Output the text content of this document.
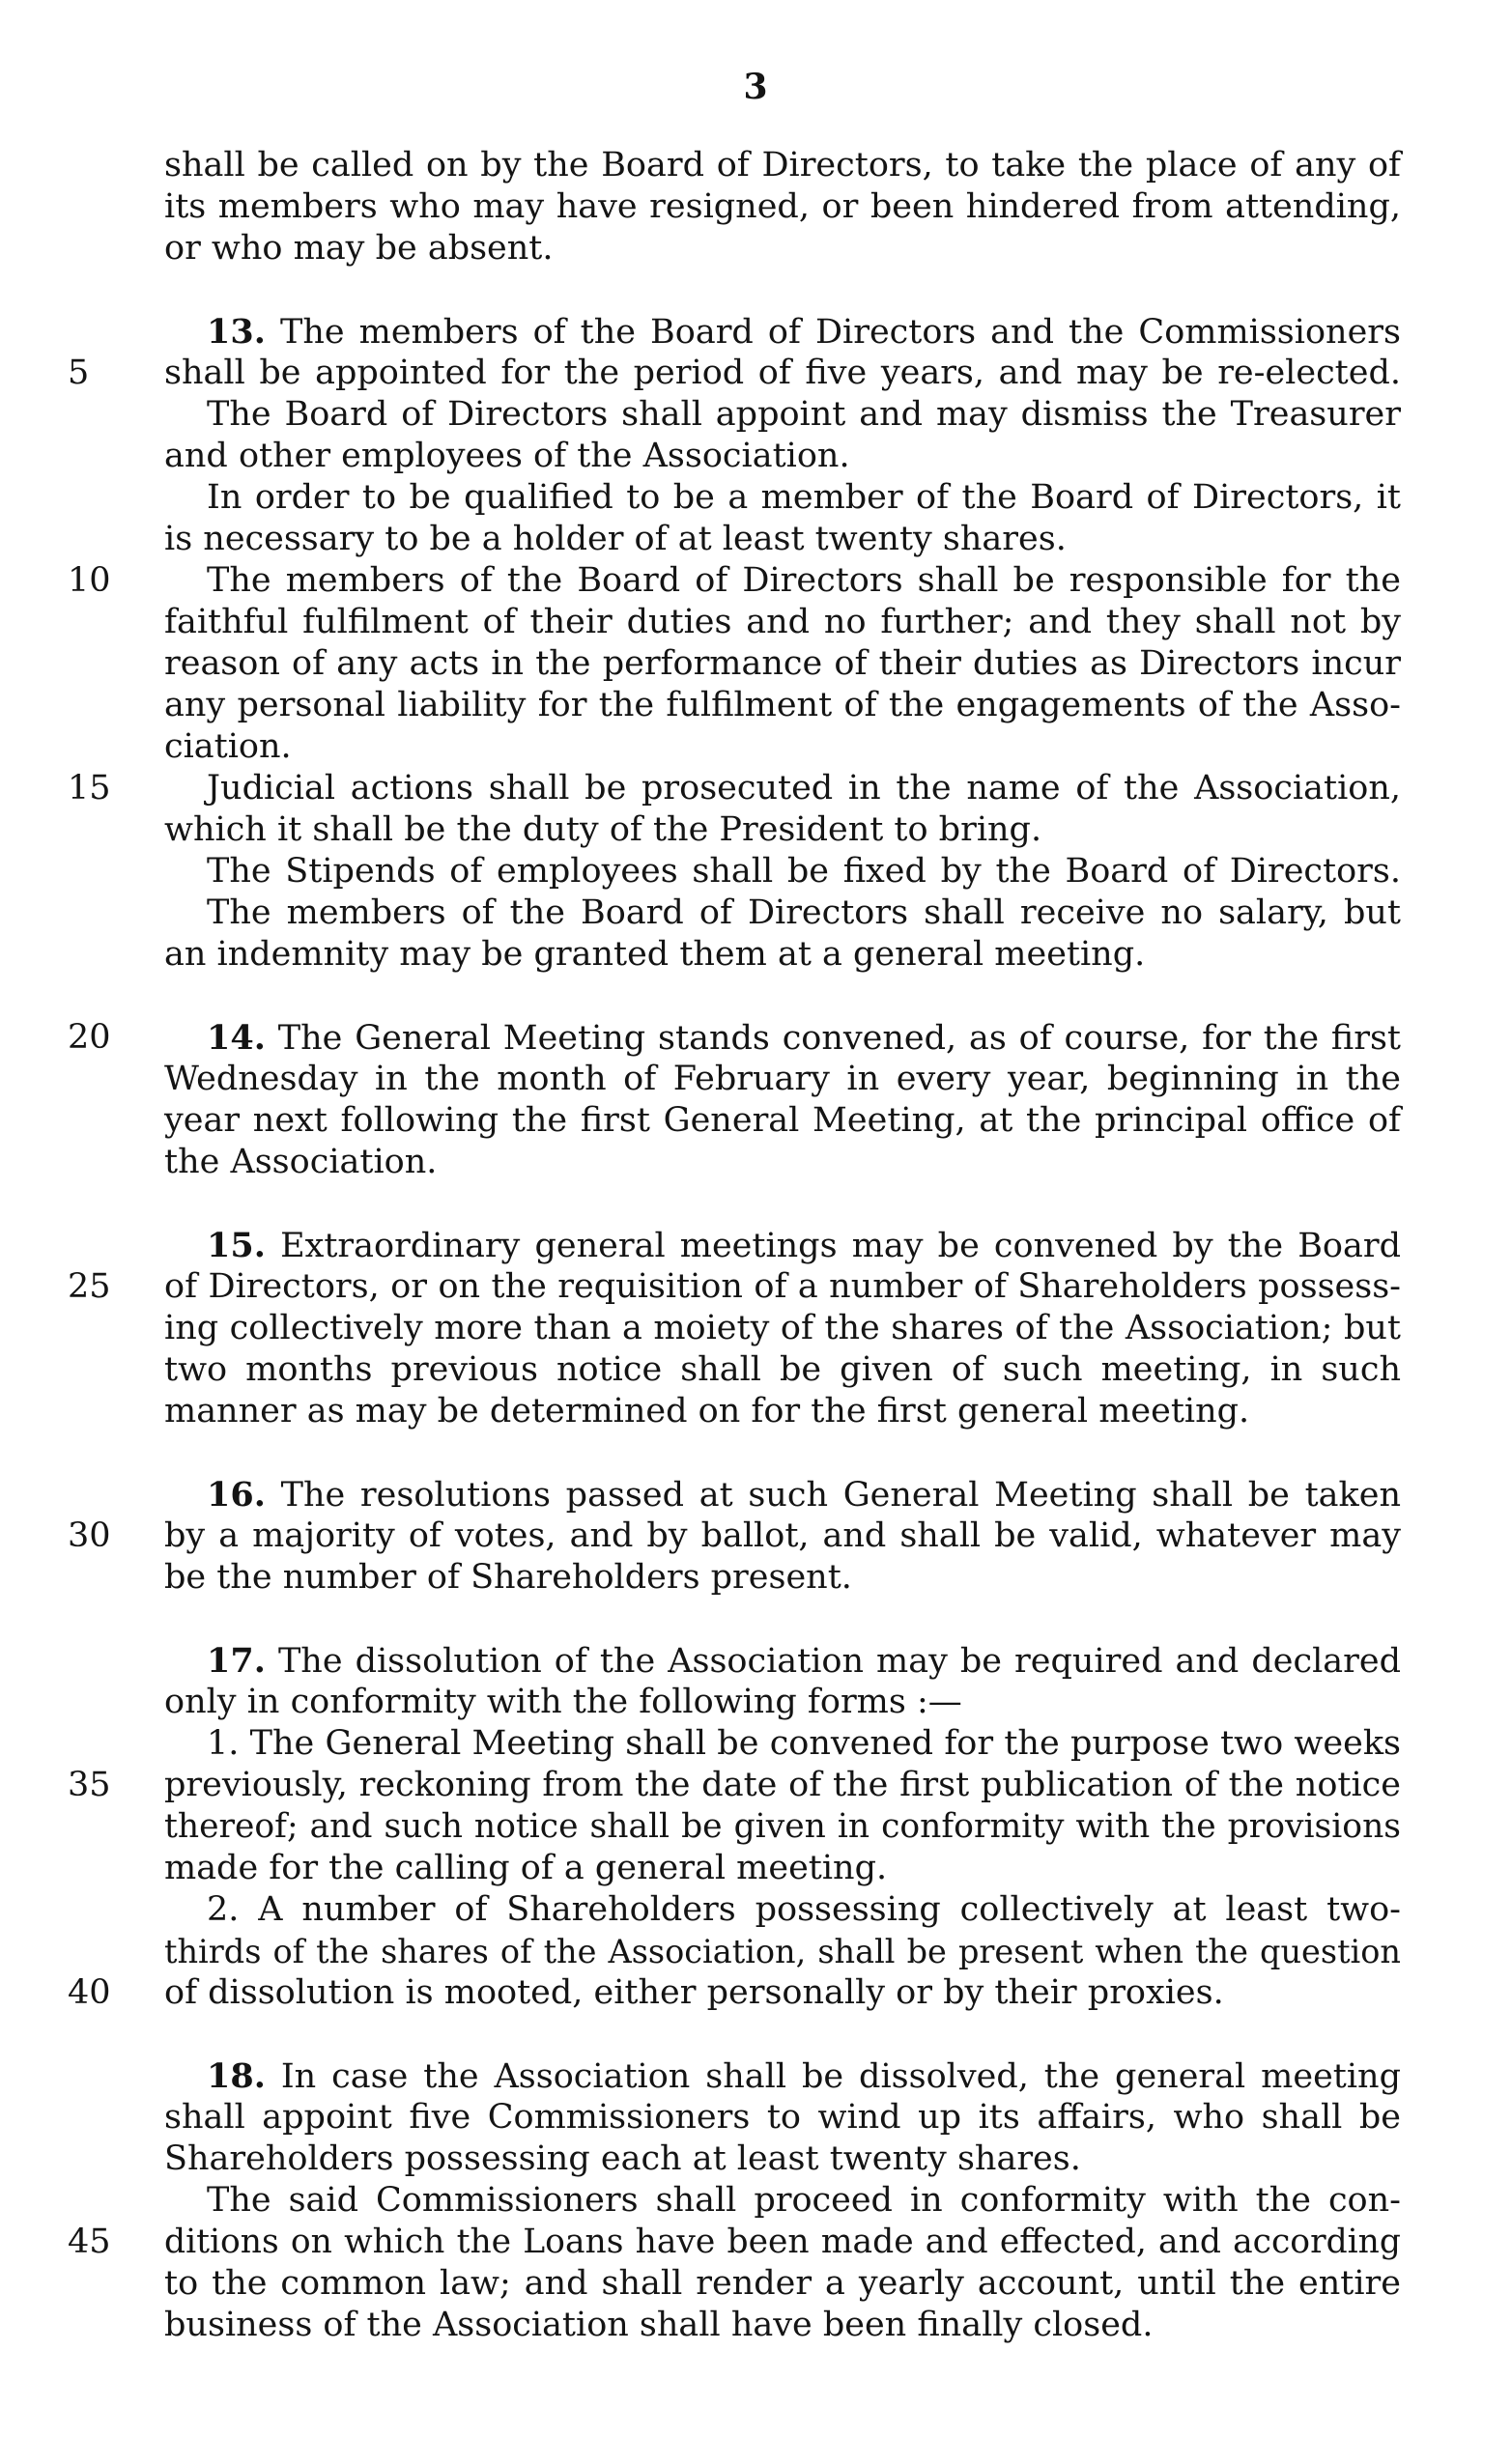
3
shall be called on by the Board of Directors, to take the place of any of
its members who may have resigned, or been hindered from attending,
or who may be absent.
13. The members of the Board of Directors and the Commissioners
5	shall be appointed for the period of five years, and may be re-elected.
The Board of Directors shall appoint and may dismiss the Treasurer
and other employees of the Association.
In order to be qualified to be a member of the Board of Directors, it
is necessary to be a holder of at least twenty shares.
10	The members of the Board of Directors shall be responsible for the
faithful fulfilment of their duties and no further; and they shall not by
reason of any acts in the performance of their duties as Directors incur
any personal liability for the fulfilment of the engagements of the Asso-
ciation.
15	Judicial actions shall be prosecuted in the name of the Association,
which it shall be the duty of the President to bring.
The Stipends of employees shall be fixed by the Board of Directors.
The members of the Board of Directors shall receive no salary, but
an indemnity may be granted them at a general meeting.
20	14. The General Meeting stands convened, as of course, for the first
Wednesday in the month of February in every year, beginning in the
year next following the first General Meeting, at the principal office of
the Association.
15. Extraordinary general meetings may be convened by the Board
25	of Directors, or on the requisition of a number of Shareholders possess-
ing collectively more than a moiety of the shares of the Association; but
two months previous notice shall be given of such meeting, in such
manner as may be determined on for the first general meeting.
16. The resolutions passed at such General Meeting shall be taken
30	by a majority of votes, and by ballot, and shall be valid, whatever may
be the number of Shareholders present.
17. The dissolution of the Association may be required and declared
only in conformity with the following forms :—
1. The General Meeting shall be convened for the purpose two weeks
35	previously, reckoning from the date of the first publication of the notice
thereof; and such notice shall be given in conformity with the provisions
made for the calling of a general meeting.
2. A number of Shareholders possessing collectively at least two-
thirds of the shares of the Association, shall be present when the question
40	of dissolution is mooted, either personally or by their proxies.
18. In case the Association shall be dissolved, the general meeting
shall appoint five Commissioners to wind up its affairs, who shall be
Shareholders possessing each at least twenty shares.
The said Commissioners shall proceed in conformity with the con-
45	ditions on which the Loans have been made and effected, and according
to the common law; and shall render a yearly account, until the entire
business of the Association shall have been finally closed.
